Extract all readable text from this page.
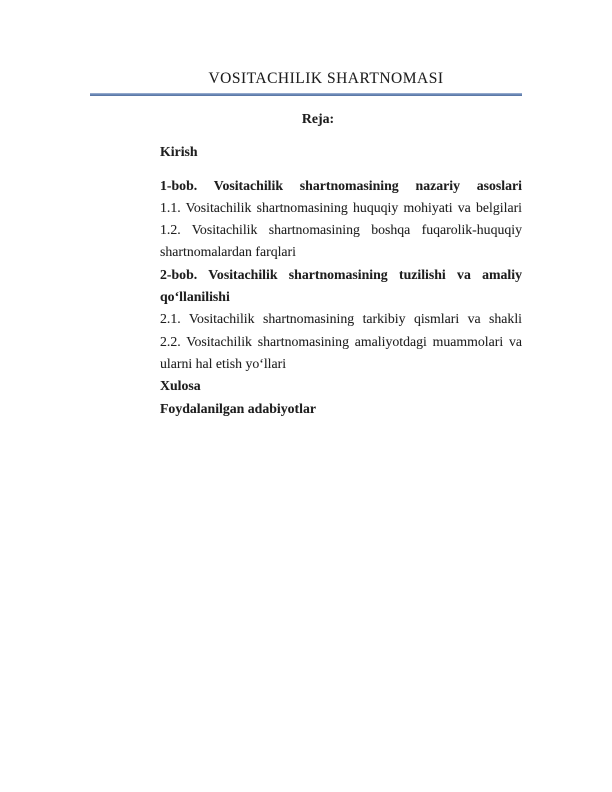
VOSITACHILIK SHARTNOMASI
Reja:

Kirish

1-bob. Vositachilik shartnomasining nazariy asoslari

1.1. Vositachilik shartnomasining huquqiy mohiyati va belgilari

1.2. Vositachilik shartnomasining boshqa fuqarolik-huquqiy shartnomalardan farqlari

2-bob. Vositachilik shartnomasining tuzilishi va amaliy qo‘llanilishi

2.1. Vositachilik shartnomasining tarkibiy qismlari va shakli

2.2. Vositachilik shartnomasining amaliyotdagi muammolari va ularni hal etish yo‘llari

Xulosa

Foydalanilgan adabiyotlar
